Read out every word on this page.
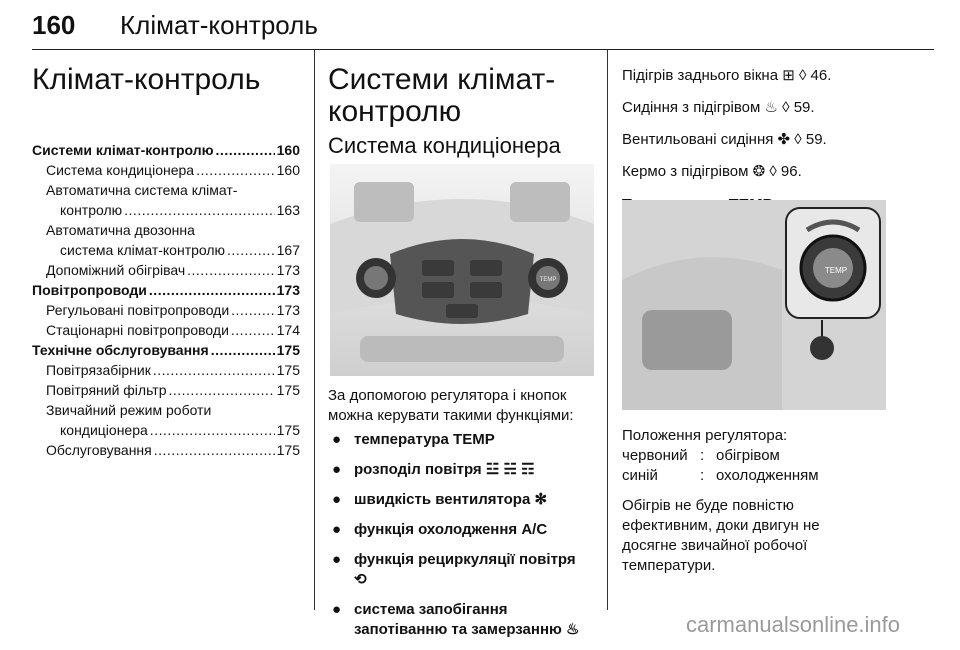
160 Клімат-контроль
Клімат-контроль
Системи клімат-контролю .....	160
Система кондиціонера .....	160
Автоматична система клімат-
контролю .....	163
Автоматична двозонна
система клімат-контролю .....	167
Допоміжний обігрівач .....	173
Повітропроводи .....	173
Регульовані повітропроводи .....	173
Стаціонарні повітропроводи .....	174
Технічне обслуговування .....	175
Повітрязабірник .....	175
Повітряний фільтр .....	175
Звичайний режим роботи
кондиціонера .....	175
Обслуговування .....	175
Системи клімат-
контролю
Система кондиціонера
TEMP
За допомогою регулятора і кнопок
можна керувати такими функціями:
● температура TEMP
● розподіл повітря ☳ ☵ ☶
● швидкість вентилятора ✻
● функція охолодження A/C
● функція рециркуляції повітря
⟲
● система запобігання
запотіванню та замерзанню ♨

Підігрів заднього вікна ⊞ ◊ 46.

Сидіння з підігрівом ♨ ◊ 59.

Вентильовані сидіння ✤ ◊ 59.

Кермо з підігрівом ❂ ◊ 96.

TEMP
Положення регулятора:
червоний : обігрівом
синій	: охолодженням
Обігрів не буде повністю
ефективним, доки двигун не
досягне звичайної робочої
температури.
carmanualsonline.info
